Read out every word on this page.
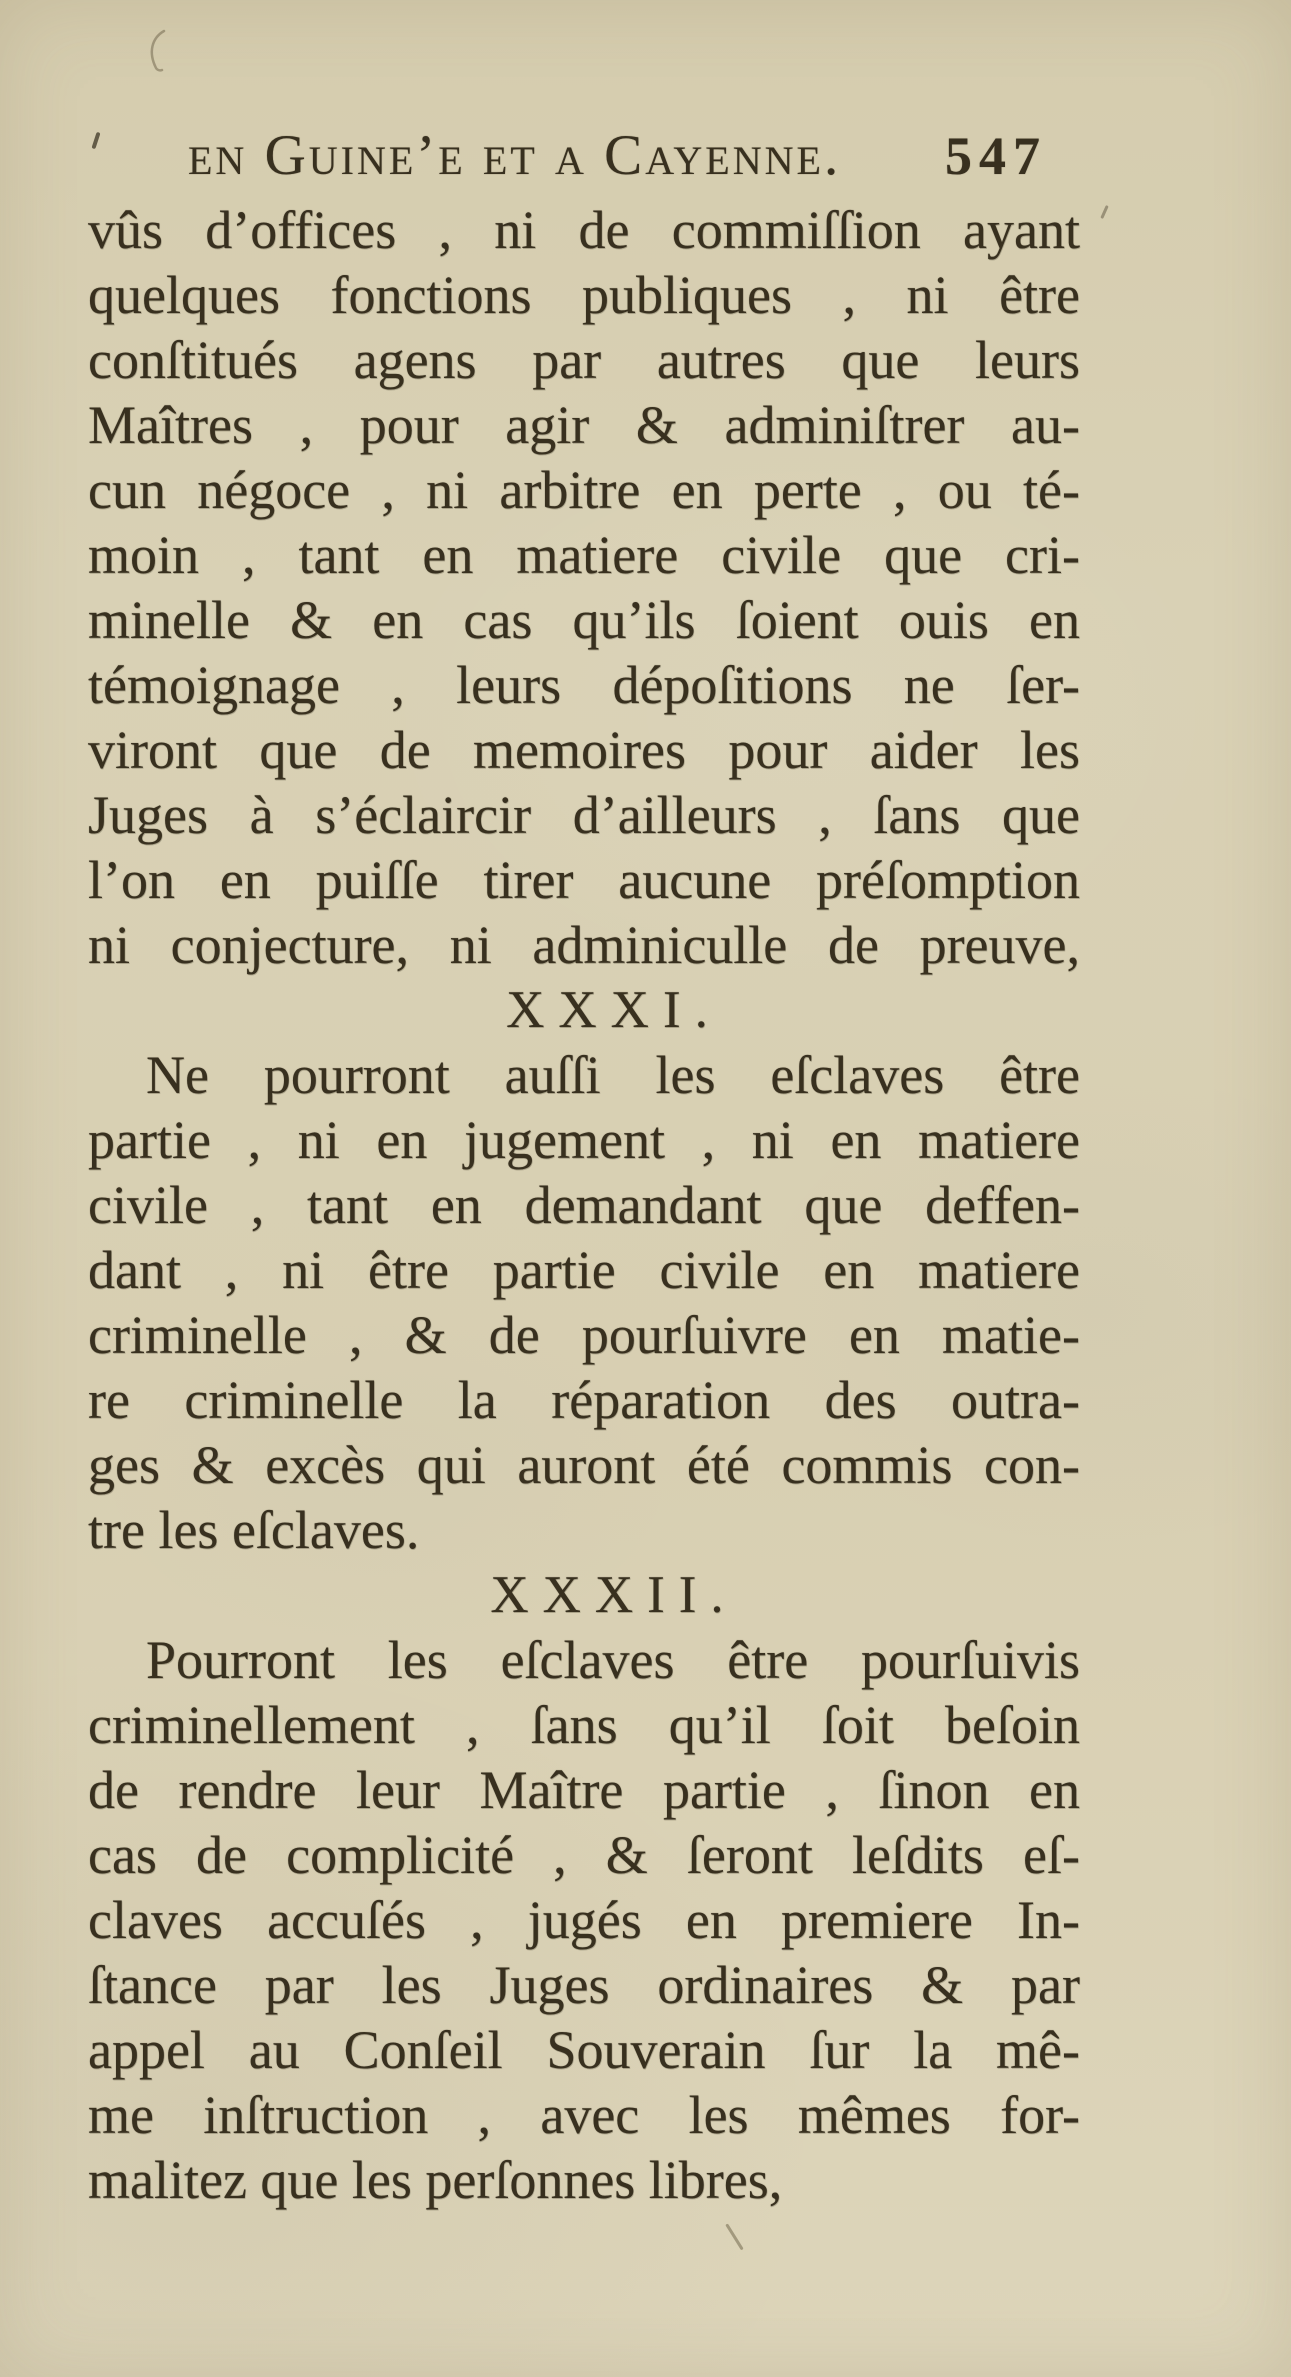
en Guine’e et a Cayenne. 547
vûs d’offices , ni de commiſſion ayant
quelques fonctions publiques , ni être
conſtitués agens par autres que leurs
Maîtres , pour agir & adminiſtrer au-
cun négoce , ni arbitre en perte , ou té-
moin , tant en matiere civile que cri-
minelle & en cas qu’ils ſoient ouis en
témoignage , leurs dépoſitions ne ſer-
viront que de memoires pour aider les
Juges à s’éclaircir d’ailleurs , ſans que
l’on en puiſſe tirer aucune préſomption
ni conjecture, ni adminiculle de preuve,
XXXI.
Ne pourront auſſi les eſclaves être
partie , ni en jugement , ni en matiere
civile , tant en demandant que deffen-
dant , ni être partie civile en matiere
criminelle , & de pourſuivre en matie-
re criminelle la réparation des outra-
ges & excès qui auront été commis con-
tre les eſclaves.
XXXII.
Pourront les eſclaves être pourſuivis
criminellement , ſans qu’il ſoit beſoin
de rendre leur Maître partie , ſinon en
cas de complicité , & ſeront leſdits eſ-
claves accuſés , jugés en premiere In-
ſtance par les Juges ordinaires & par
appel au Conſeil Souverain ſur la mê-
me inſtruction , avec les mêmes for-
malitez que les perſonnes libres,
